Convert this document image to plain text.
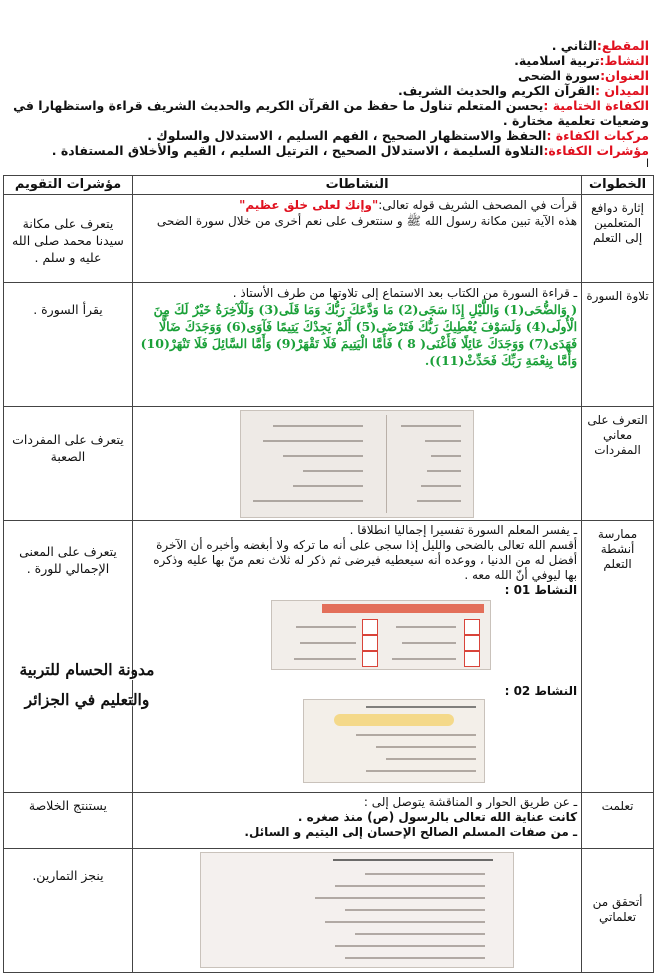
المقطع:الثاني .
النشاط:تربية اسلامية.
العنوان:سورة الضحى
الميدان :القرآن الكريم والحديث الشريف.
الكفاءة الختامية :يحسن المتعلم تناول ما حفظ من القرآن الكريم والحديث الشريف قراءة واستظهارا في وضعيات تعلمية مختارة .
مركبات الكفاءة :الحفظ والاستظهار الصحيح ، الفهم السليم ، الاستدلال والسلوك .
مؤشرات الكفاءة:التلاوة السليمة ، الاستدلال الصحيح ، الترتيل السليم ، القيم والأخلاق المستفادة .
ا
الخطوات	النشاطات	مؤشرات التقويم

إثارة دوافع المتعلمين إلى التعلم	قرأت في المصحف الشريف قوله تعالى:"وإنك لعلى خلق عظيم"
هذه الآية تبين مكانة رسول الله ﷺ و سنتعرف على نعم أخرى من خلال سورة الضحى	يتعرف على مكانة سيدنا محمد صلى الله عليه و سلم .

تلاوة السورة	ـ قراءة السورة من الكتاب بعد الاستماع إلى تلاوتها من طرف الأستاذ .
( وَالضُّحَى(1) وَاللَّيْلِ إِذَا سَجَى(2) مَا وَدَّعَكَ رَبُّكَ وَمَا قَلَى(3) وَلَلْآخِرَةُ خَيْرٌ لَكَ مِنَ الْأُولَى(4) وَلَسَوْفَ يُعْطِيكَ رَبُّكَ فَتَرْضَى(5) أَلَمْ يَجِدْكَ يَتِيمًا فَآوَى(6) وَوَجَدَكَ ضَالًّا فَهَدَى(7) وَوَجَدَكَ عَائِلًا فَأَغْنَى( 8 ) فَأَمَّا الْيَتِيمَ فَلَا تَقْهَرْ(9) وَأَمَّا السَّائِلَ فَلَا تَنْهَرْ(10) وَأَمَّا بِنِعْمَةِ رَبِّكَ فَحَدِّثْ(11)).	يقرأ السورة .

التعرف على معاني المفردات		يتعرف على المفردات الصعبة

ممارسة أنشطة التعلم	ـ يفسر المعلم السورة تفسيرا إجماليا انطلاقا .
أقسم الله تعالى بالضحى والليل إذا سجى على أنه ما تركه ولا أبغضه وأخبره أن الآخرة أفضل له من الدنيا ، ووعده أنه سيعطيه فيرضى ثم ذكر له ثلاث نعم منّ بها عليه وذكره بها ليوفي أنّ الله معه .
النشاط 01 :
النشاط 02 :	يتعرف على المعنى الإجمالي للورة .

تعلمت	ـ عن طريق الحوار و المناقشة يتوصل إلى :
كانت عناية الله تعالى بالرسول (ص) منذ صغره .
ـ من صفات المسلم الصالح الإحسان إلى اليتيم و السائل.	يستنتج الخلاصة

أتحقق من تعلماتي		ينجز التمارين.
مدونة الحسام للتربية
والتعليم في الجزائر
